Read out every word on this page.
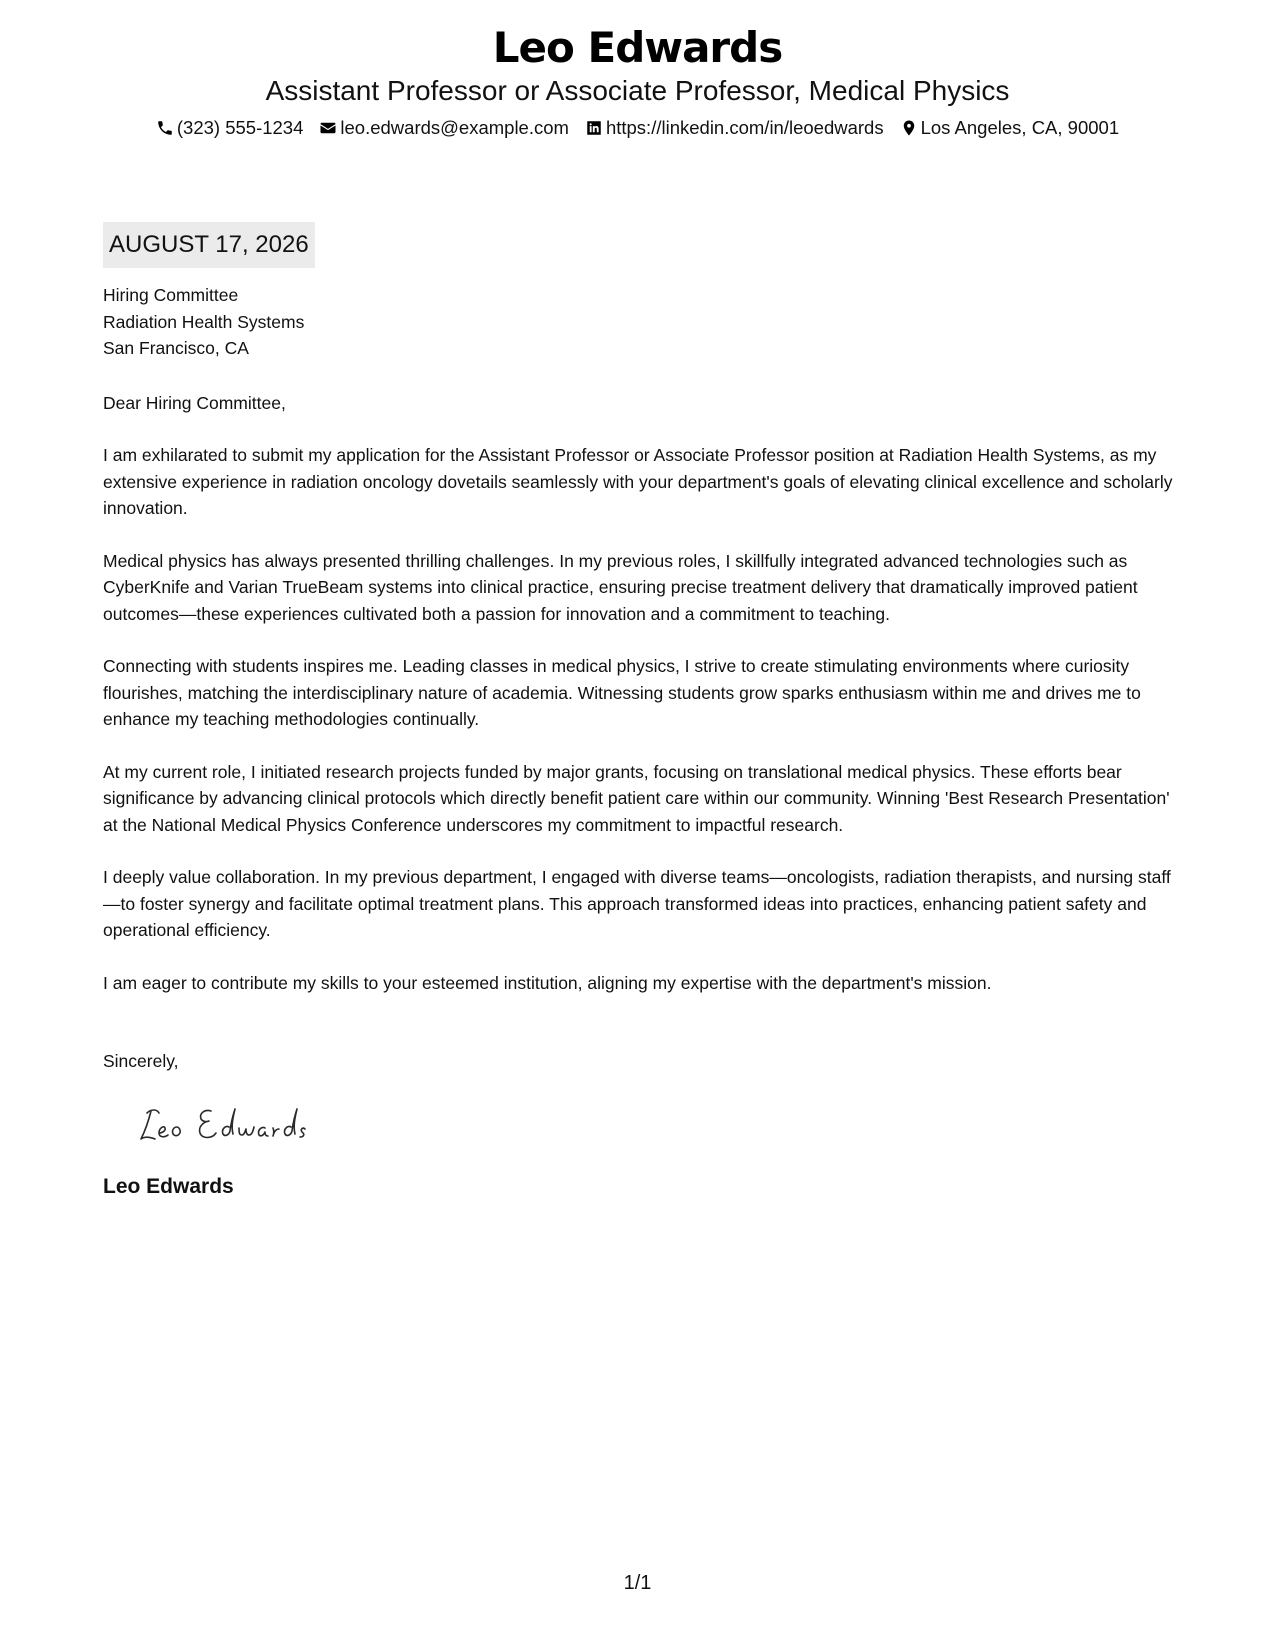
Leo Edwards
Assistant Professor or Associate Professor, Medical Physics
(323) 555-1234 leo.edwards@example.com https://linkedin.com/in/leoedwards Los Angeles, CA, 90001
AUGUST 17, 2026
Hiring Committee
Radiation Health Systems
San Francisco, CA
Dear Hiring Committee,
I am exhilarated to submit my application for the Assistant Professor or Associate Professor position at Radiation Health Systems, as my extensive experience in radiation oncology dovetails seamlessly with your department's goals of elevating clinical excellence and scholarly innovation.
Medical physics has always presented thrilling challenges. In my previous roles, I skillfully integrated advanced technologies such as CyberKnife and Varian TrueBeam systems into clinical practice, ensuring precise treatment delivery that dramatically improved patient outcomes—these experiences cultivated both a passion for innovation and a commitment to teaching.
Connecting with students inspires me. Leading classes in medical physics, I strive to create stimulating environments where curiosity flourishes, matching the interdisciplinary nature of academia. Witnessing students grow sparks enthusiasm within me and drives me to enhance my teaching methodologies continually.
At my current role, I initiated research projects funded by major grants, focusing on translational medical physics. These efforts bear significance by advancing clinical protocols which directly benefit patient care within our community. Winning 'Best Research Presentation' at the National Medical Physics Conference underscores my commitment to impactful research.
I deeply value collaboration. In my previous department, I engaged with diverse teams—oncologists, radiation therapists, and nursing staff—to foster synergy and facilitate optimal treatment plans. This approach transformed ideas into practices, enhancing patient safety and operational efficiency.
I am eager to contribute my skills to your esteemed institution, aligning my expertise with the department's mission.
Sincerely,
Leo Edwards
1/1
